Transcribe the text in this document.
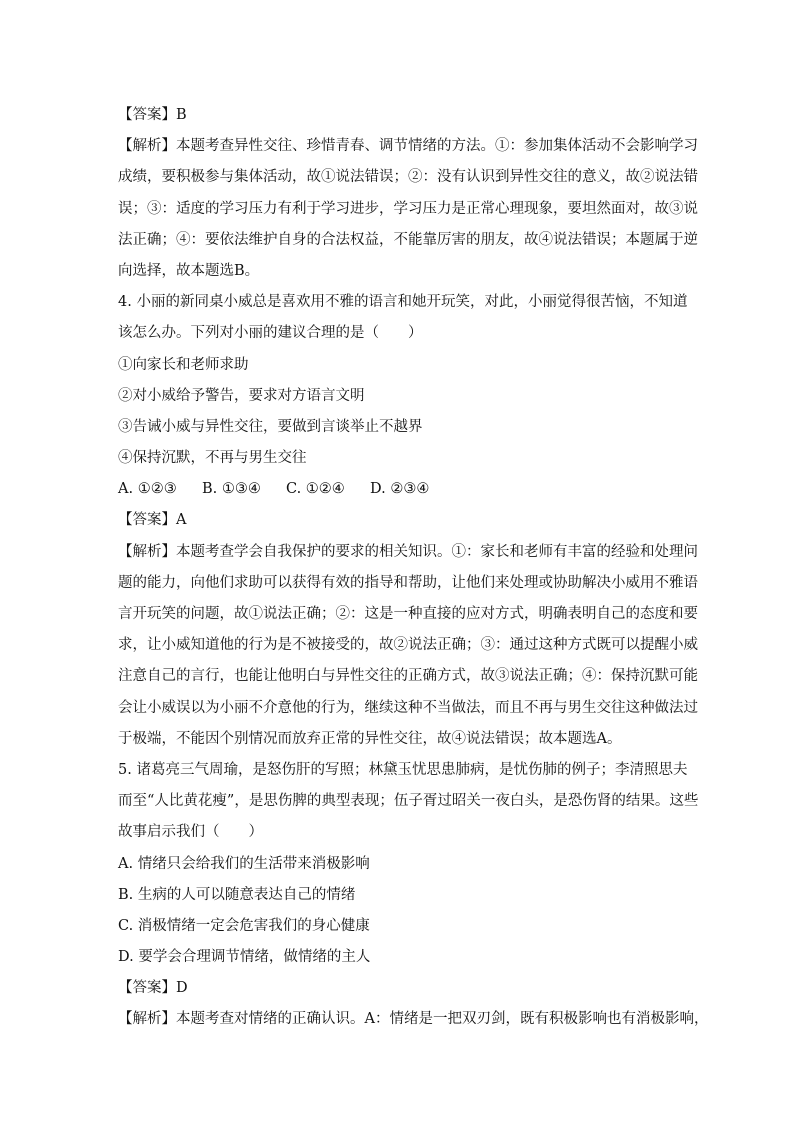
【答案】B
【解析】本题考查异性交往、珍惜青春、调节情绪的方法。①：参加集体活动不会影响学习
成绩，要积极参与集体活动，故①说法错误；②：没有认识到异性交往的意义，故②说法错
误；③：适度的学习压力有利于学习进步，学习压力是正常心理现象，要坦然面对，故③说
法正确；④：要依法维护自身的合法权益，不能靠厉害的朋友，故④说法错误；本题属于逆
向选择，故本题选B。
4. 小丽的新同桌小威总是喜欢用不雅的语言和她开玩笑，对此，小丽觉得很苦恼，不知道
该怎么办。下列对小丽的建议合理的是（　　）
①向家长和老师求助
②对小威给予警告，要求对方语言文明
③告诫小威与异性交往，要做到言谈举止不越界
④保持沉默，不再与男生交往
A. ①②③ B. ①③④ C. ①②④ D. ②③④
【答案】A
【解析】本题考查学会自我保护的要求的相关知识。①：家长和老师有丰富的经验和处理问
题的能力，向他们求助可以获得有效的指导和帮助，让他们来处理或协助解决小威用不雅语
言开玩笑的问题，故①说法正确；②：这是一种直接的应对方式，明确表明自己的态度和要
求，让小威知道他的行为是不被接受的，故②说法正确；③：通过这种方式既可以提醒小威
注意自己的言行，也能让他明白与异性交往的正确方式，故③说法正确；④：保持沉默可能
会让小威误以为小丽不介意他的行为，继续这种不当做法，而且不再与男生交往这种做法过
于极端，不能因个别情况而放弃正常的异性交往，故④说法错误；故本题选A。
5. 诸葛亮三气周瑜，是怒伤肝的写照；林黛玉忧思患肺病，是忧伤肺的例子；李清照思夫
而至“人比黄花瘦”，是思伤脾的典型表现；伍子胥过昭关一夜白头，是恐伤肾的结果。这些
故事启示我们（　　）
A. 情绪只会给我们的生活带来消极影响
B. 生病的人可以随意表达自己的情绪
C. 消极情绪一定会危害我们的身心健康
D. 要学会合理调节情绪，做情绪的主人
【答案】D
【解析】本题考查对情绪的正确认识。A：情绪是一把双刃剑，既有积极影响也有消极影响，
